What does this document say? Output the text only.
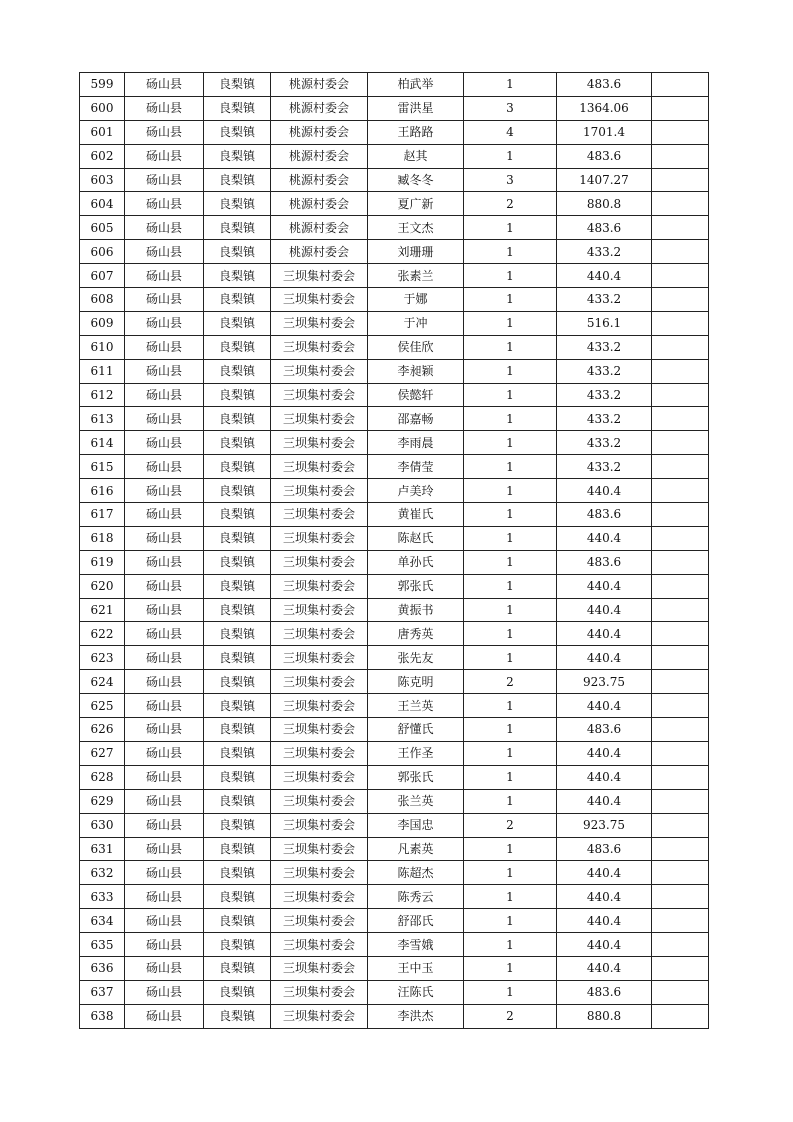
599	砀山县	良梨镇	桃源村委会	柏武举	1	483.6	
600	砀山县	良梨镇	桃源村委会	雷洪星	3	1364.06	
601	砀山县	良梨镇	桃源村委会	王路路	4	1701.4	
602	砀山县	良梨镇	桃源村委会	赵其	1	483.6	
603	砀山县	良梨镇	桃源村委会	臧冬冬	3	1407.27	
604	砀山县	良梨镇	桃源村委会	夏广新	2	880.8	
605	砀山县	良梨镇	桃源村委会	王文杰	1	483.6	
606	砀山县	良梨镇	桃源村委会	刘珊珊	1	433.2	
607	砀山县	良梨镇	三坝集村委会	张素兰	1	440.4	
608	砀山县	良梨镇	三坝集村委会	于娜	1	433.2	
609	砀山县	良梨镇	三坝集村委会	于冲	1	516.1	
610	砀山县	良梨镇	三坝集村委会	侯佳欣	1	433.2	
611	砀山县	良梨镇	三坝集村委会	李昶颖	1	433.2	
612	砀山县	良梨镇	三坝集村委会	侯懿轩	1	433.2	
613	砀山县	良梨镇	三坝集村委会	邵嘉畅	1	433.2	
614	砀山县	良梨镇	三坝集村委会	李雨晨	1	433.2	
615	砀山县	良梨镇	三坝集村委会	李倩莹	1	433.2	
616	砀山县	良梨镇	三坝集村委会	卢美玲	1	440.4	
617	砀山县	良梨镇	三坝集村委会	黄崔氏	1	483.6	
618	砀山县	良梨镇	三坝集村委会	陈赵氏	1	440.4	
619	砀山县	良梨镇	三坝集村委会	单孙氏	1	483.6	
620	砀山县	良梨镇	三坝集村委会	郭张氏	1	440.4	
621	砀山县	良梨镇	三坝集村委会	黄振书	1	440.4	
622	砀山县	良梨镇	三坝集村委会	唐秀英	1	440.4	
623	砀山县	良梨镇	三坝集村委会	张先友	1	440.4	
624	砀山县	良梨镇	三坝集村委会	陈克明	2	923.75	
625	砀山县	良梨镇	三坝集村委会	王兰英	1	440.4	
626	砀山县	良梨镇	三坝集村委会	舒懂氏	1	483.6	
627	砀山县	良梨镇	三坝集村委会	王作圣	1	440.4	
628	砀山县	良梨镇	三坝集村委会	郭张氏	1	440.4	
629	砀山县	良梨镇	三坝集村委会	张兰英	1	440.4	
630	砀山县	良梨镇	三坝集村委会	李国忠	2	923.75	
631	砀山县	良梨镇	三坝集村委会	凡素英	1	483.6	
632	砀山县	良梨镇	三坝集村委会	陈超杰	1	440.4	
633	砀山县	良梨镇	三坝集村委会	陈秀云	1	440.4	
634	砀山县	良梨镇	三坝集村委会	舒邵氏	1	440.4	
635	砀山县	良梨镇	三坝集村委会	李雪娥	1	440.4	
636	砀山县	良梨镇	三坝集村委会	王中玉	1	440.4	
637	砀山县	良梨镇	三坝集村委会	汪陈氏	1	483.6	
638	砀山县	良梨镇	三坝集村委会	李洪杰	2	880.8	
